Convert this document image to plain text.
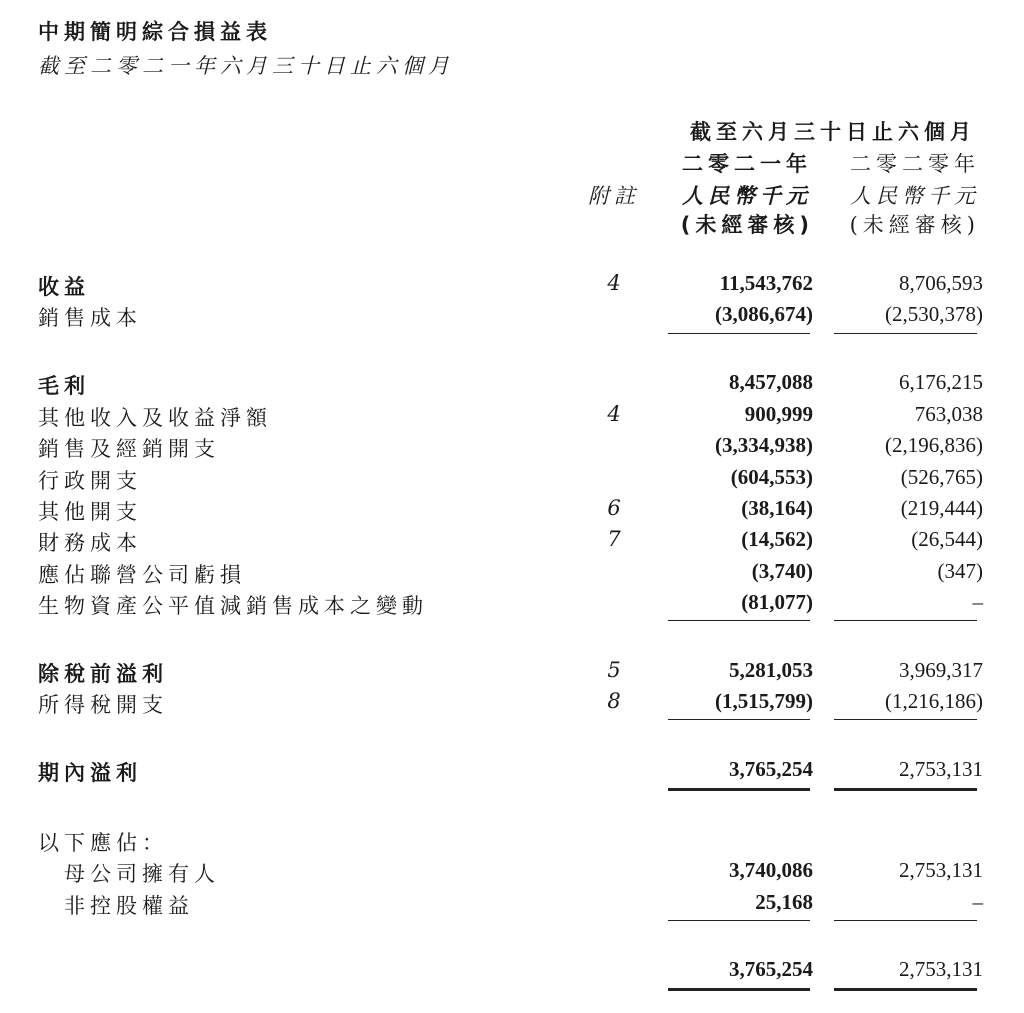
中期簡明綜合損益表
截至二零二一年六月三十日止六個月
截至六月三十日止六個月
二零二一年 二零二零年
附註 人民幣千元 人民幣千元
(未經審核) (未經審核)
收益	4	11,543,762	8,706,593
銷售成本	(3,086,674)	(2,530,378)
毛利	8,457,088	6,176,215
其他收入及收益淨額	4	900,999	763,038
銷售及經銷開支	(3,334,938)	(2,196,836)
行政開支	(604,553)	(526,765)
其他開支	6	(38,164)	(219,444)
財務成本	7	(14,562)	(26,544)
應佔聯營公司虧損	(3,740)	(347)
生物資產公平值減銷售成本之變動	(81,077)	–
除稅前溢利	5	5,281,053	3,969,317
所得稅開支	8	(1,515,799)	(1,216,186)
期內溢利	3,765,254	2,753,131
以下應佔：
母公司擁有人	3,740,086	2,753,131
非控股權益	25,168	–
3,765,254	2,753,131
